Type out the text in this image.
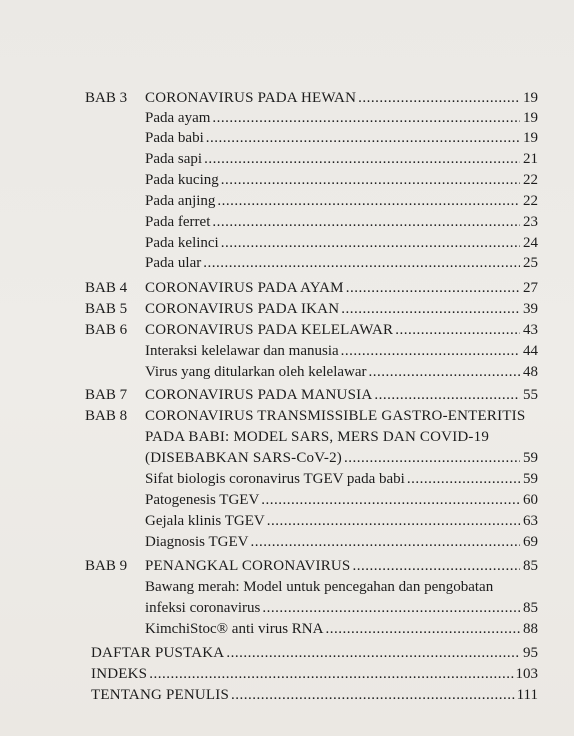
BAB 3	CORONAVIRUS PADA HEWAN .....	19
Pada ayam .....	19
Pada babi .....	19
Pada sapi .....	21
Pada kucing .....	22
Pada anjing .....	22
Pada ferret .....	23
Pada kelinci .....	24
Pada ular .....	25
BAB 4	CORONAVIRUS PADA AYAM .....	27
BAB 5	CORONAVIRUS PADA IKAN .....	39
BAB 6	CORONAVIRUS PADA KELELAWAR .....	43
Interaksi kelelawar dan manusia .....	44
Virus yang ditularkan oleh kelelawar .....	48
BAB 7	CORONAVIRUS PADA MANUSIA .....	55
BAB 8	CORONAVIRUS TRANSMISSIBLE GASTRO-ENTERITIS
PADA BABI: MODEL SARS, MERS DAN COVID-19
(DISEBABKAN SARS-CoV-2) .....	59
Sifat biologis coronavirus TGEV pada babi .....	59
Patogenesis TGEV .....	60
Gejala klinis TGEV .....	63
Diagnosis TGEV .....	69
BAB 9	PENANGKAL CORONAVIRUS .....	85
Bawang merah: Model untuk pencegahan dan pengobatan
infeksi coronavirus .....	85
KimchiStoc® anti virus RNA .....	88
DAFTAR PUSTAKA .....	95
INDEKS .....	103
TENTANG PENULIS .....	111
